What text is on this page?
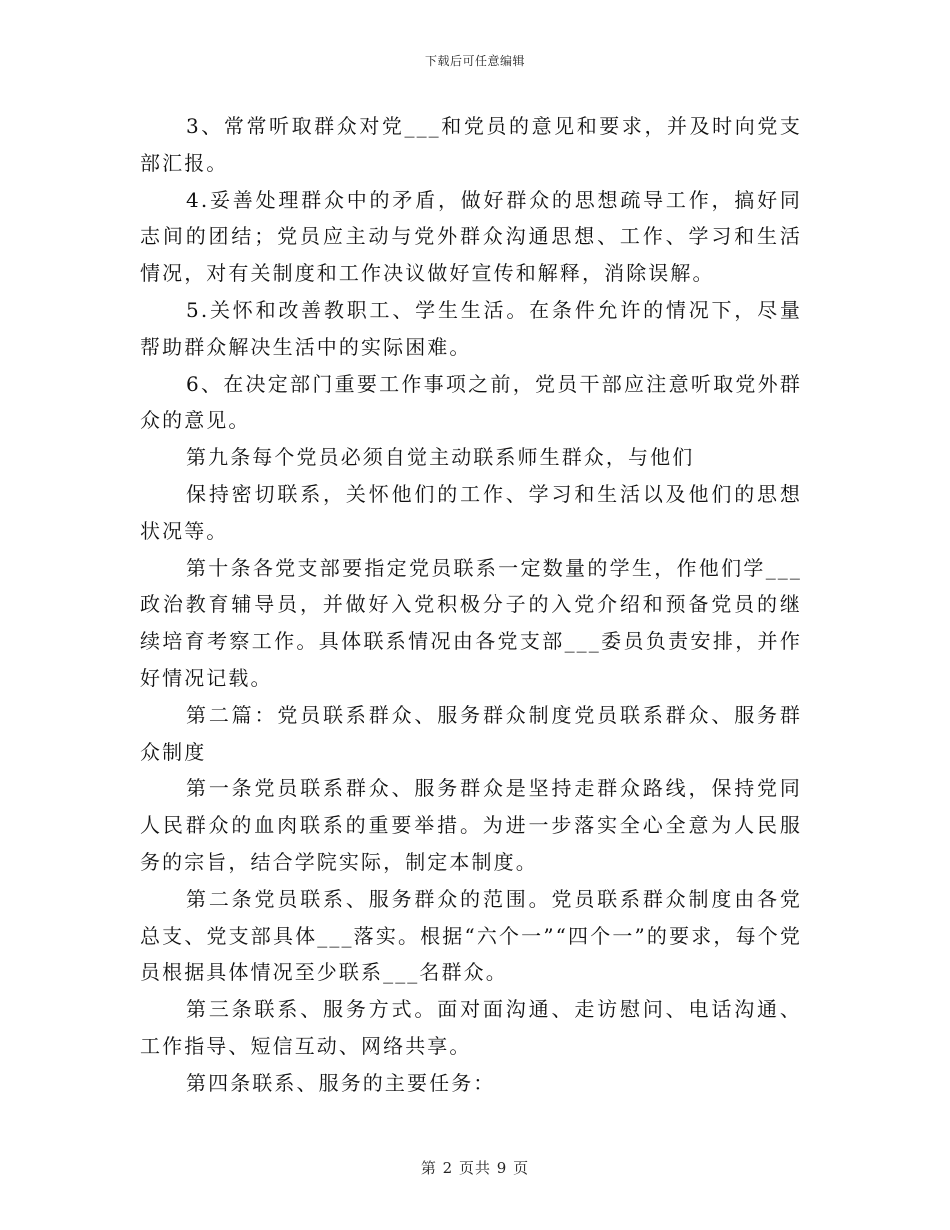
下载后可任意编辑

3、常常听取群众对党___和党员的意见和要求，并及时向党支部汇报。

4.妥善处理群众中的矛盾，做好群众的思想疏导工作，搞好同志间的团结；党员应主动与党外群众沟通思想、工作、学习和生活情况，对有关制度和工作决议做好宣传和解释，消除误解。

5.关怀和改善教职工、学生生活。在条件允许的情况下，尽量帮助群众解决生活中的实际困难。

6、在决定部门重要工作事项之前，党员干部应注意听取党外群众的意见。

第九条每个党员必须自觉主动联系师生群众，与他们

保持密切联系，关怀他们的工作、学习和生活以及他们的思想状况等。

第十条各党支部要指定党员联系一定数量的学生，作他们学___政治教育辅导员，并做好入党积极分子的入党介绍和预备党员的继续培育考察工作。具体联系情况由各党支部___委员负责安排，并作好情况记载。

第二篇：党员联系群众、服务群众制度党员联系群众、服务群众制度

第一条党员联系群众、服务群众是坚持走群众路线，保持党同人民群众的血肉联系的重要举措。为进一步落实全心全意为人民服务的宗旨，结合学院实际，制定本制度。

第二条党员联系、服务群众的范围。党员联系群众制度由各党总支、党支部具体___落实。根据“六个一”“四个一”的要求，每个党员根据具体情况至少联系___名群众。

第三条联系、服务方式。面对面沟通、走访慰问、电话沟通、工作指导、短信互动、网络共享。

第四条联系、服务的主要任务：

第 2 页共 9 页
